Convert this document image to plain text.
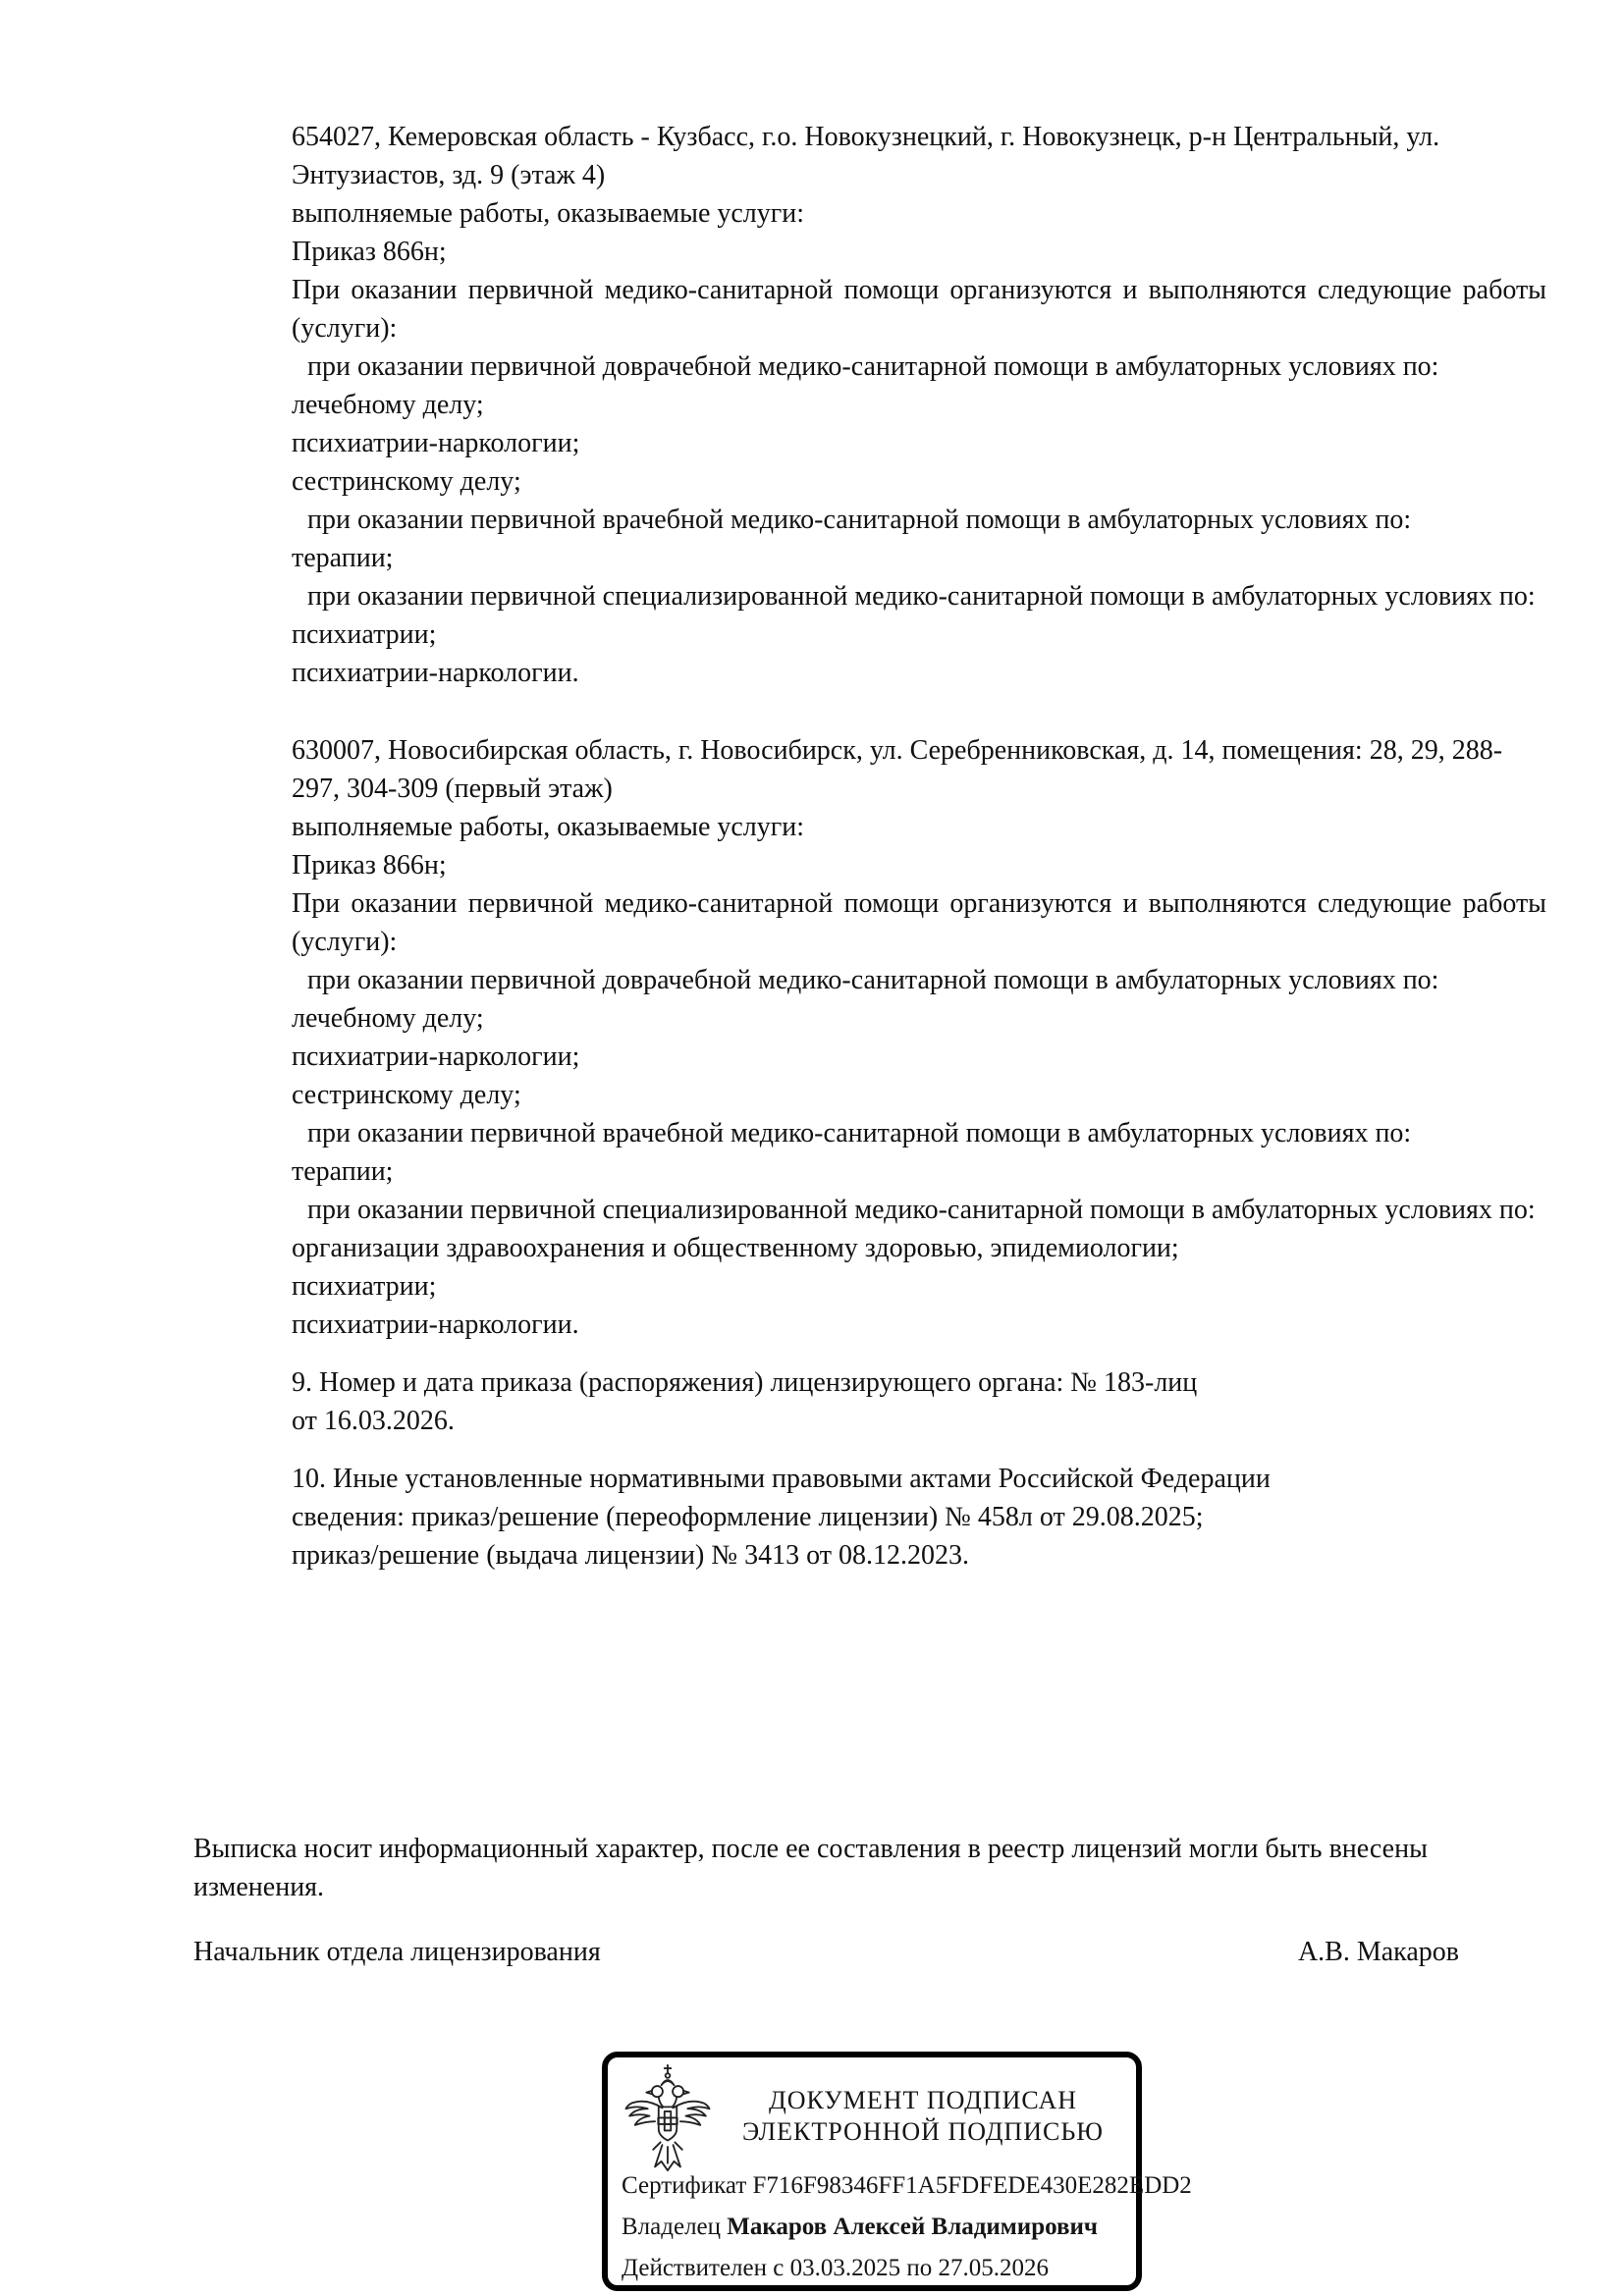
654027, Кемеровская область - Кузбасс, г.о. Новокузнецкий, г. Новокузнецк, р-н Центральный, ул. Энтузиастов, зд. 9 (этаж 4)

выполняемые работы, оказываемые услуги:

Приказ 866н;

При оказании первичной медико-санитарной помощи организуются и выполняются следующие работы (услуги):

при оказании первичной доврачебной медико-санитарной помощи в амбулаторных условиях по:

лечебному делу;

психиатрии-наркологии;

сестринскому делу;

при оказании первичной врачебной медико-санитарной помощи в амбулаторных условиях по:

терапии;

при оказании первичной специализированной медико-санитарной помощи в амбулаторных условиях по:

психиатрии;

психиатрии-наркологии.

630007, Новосибирская область, г. Новосибирск, ул. Серебренниковская, д. 14, помещения: 28, 29, 288-297, 304-309 (первый этаж)

выполняемые работы, оказываемые услуги:

Приказ 866н;

При оказании первичной медико-санитарной помощи организуются и выполняются следующие работы (услуги):

при оказании первичной доврачебной медико-санитарной помощи в амбулаторных условиях по:

лечебному делу;

психиатрии-наркологии;

сестринскому делу;

при оказании первичной врачебной медико-санитарной помощи в амбулаторных условиях по:

терапии;

при оказании первичной специализированной медико-санитарной помощи в амбулаторных условиях по:

организации здравоохранения и общественному здоровью, эпидемиологии;

психиатрии;

психиатрии-наркологии.

9. Номер и дата приказа (распоряжения) лицензирующего органа: № 183-лиц

от 16.03.2026.

10. Иные установленные нормативными правовыми актами Российской Федерации

сведения: приказ/решение (переоформление лицензии) № 458л от 29.08.2025;

приказ/решение (выдача лицензии) № 3413 от 08.12.2023.

Выписка носит информационный характер, после ее составления в реестр лицензий могли быть внесены изменения.

Начальник отдела лицензирования	А.В. Макаров
ДОКУМЕНТ ПОДПИСАН
ЭЛЕКТРОННОЙ ПОДПИСЬЮ
Сертификат F716F98346FF1A5FDFEDE430E282EDD2
Владелец Макаров Алексей Владимирович
Действителен с 03.03.2025 по 27.05.2026
